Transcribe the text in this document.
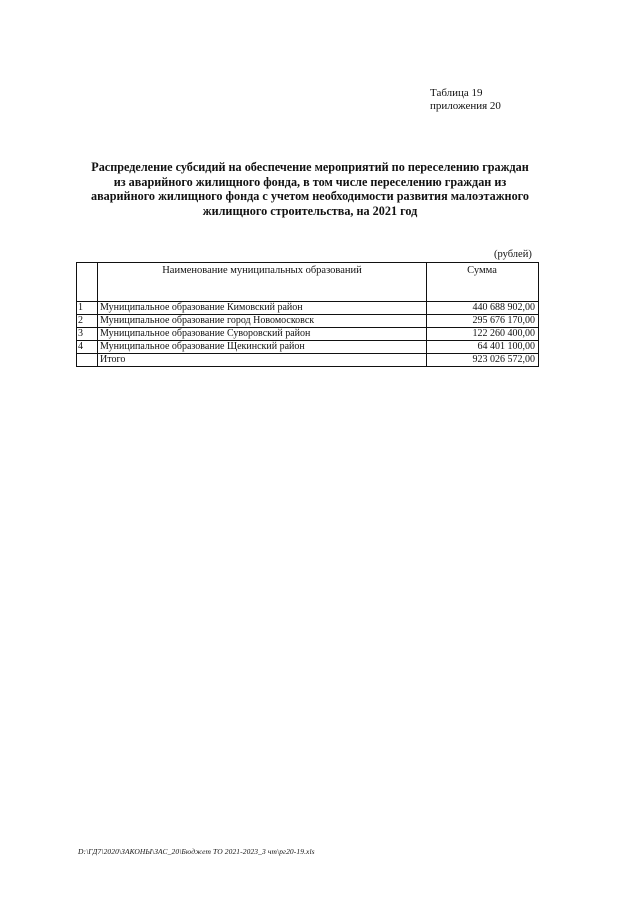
Таблица 19
приложения 20
Распределение субсидий на обеспечение мероприятий по переселению граждан
из аварийного жилищного фонда, в том числе переселению граждан из
аварийного жилищного фонда с учетом необходимости развития малоэтажного
жилищного строительства, на 2021 год
(рублей)
	Наименование муниципальных образований	Сумма
1	Муниципальное образование Кимовский район	440 688 902,00
2	Муниципальное образование город Новомосковск	295 676 170,00
3	Муниципальное образование Суворовский район	122 260 400,00
4	Муниципальное образование Щекинский район	64 401 100,00
	Итого	923 026 572,00
D:\ГД7\2020\ЗАКОНЫ\ЗАС_20\Бюджет ТО 2021-2023_3 чт\рг20-19.xls
